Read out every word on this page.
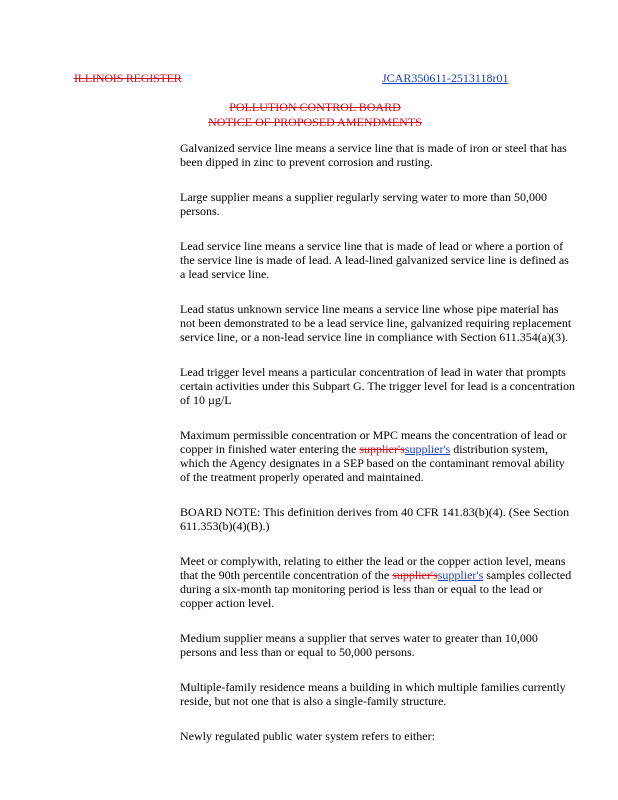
ILLINOIS REGISTER	JCAR350611-2513118r01
POLLUTION CONTROL BOARD
NOTICE OF PROPOSED AMENDMENTS

Galvanized service line means a service line that is made of iron or steel that has been dipped in zinc to prevent corrosion and rusting.

Large supplier means a supplier regularly serving water to more than 50,000 persons.

Lead service line means a service line that is made of lead or where a portion of the service line is made of lead. A lead-lined galvanized service line is defined as a lead service line.

Lead status unknown service line means a service line whose pipe material has not been demonstrated to be a lead service line, galvanized requiring replacement service line, or a non-lead service line in compliance with Section 611.354(a)(3).

Lead trigger level means a particular concentration of lead in water that prompts certain activities under this Subpart G. The trigger level for lead is a concentration of 10 µg/L

Maximum permissible concentration or MPC means the concentration of lead or copper in finished water entering the supplier'ssupplier's distribution system, which the Agency designates in a SEP based on the contaminant removal ability of the treatment properly operated and maintained.

BOARD NOTE: This definition derives from 40 CFR 141.83(b)(4). (See Section 611.353(b)(4)(B).)

Meet or complywith, relating to either the lead or the copper action level, means that the 90th percentile concentration of the supplier'ssupplier's samples collected during a six-month tap monitoring period is less than or equal to the lead or copper action level.

Medium supplier means a supplier that serves water to greater than 10,000 persons and less than or equal to 50,000 persons.

Multiple-family residence means a building in which multiple families currently reside, but not one that is also a single-family structure.

Newly regulated public water system refers to either:
